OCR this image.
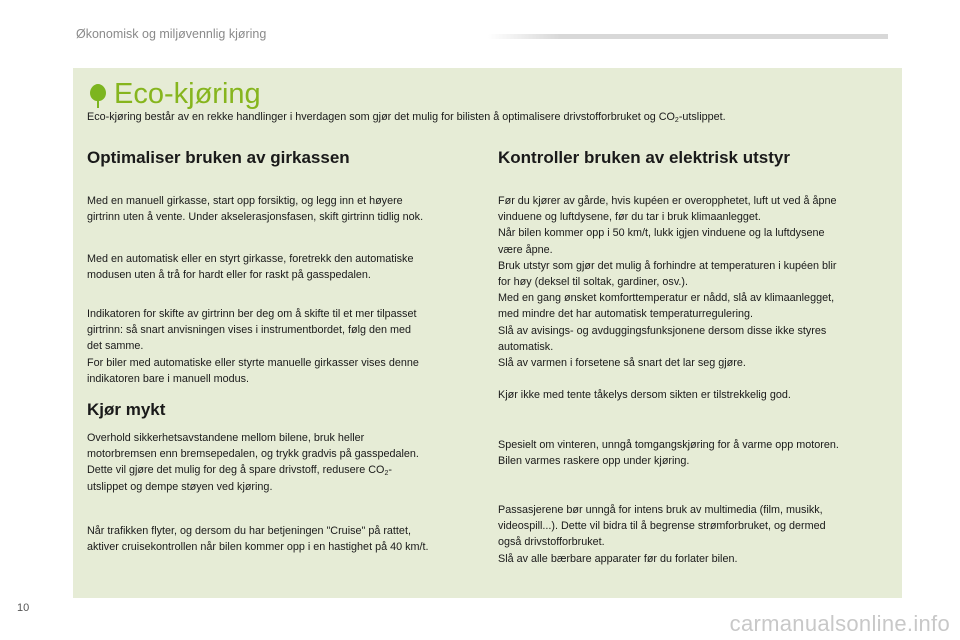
Økonomisk og miljøvennlig kjøring
Eco-kjøring
Eco-kjøring består av en rekke handlinger i hverdagen som gjør det mulig for bilisten å optimalisere drivstofforbruket og $CO_2$-utslippet.
Optimaliser bruken av girkassen
Med en manuell girkasse, start opp forsiktig, og legg inn et høyere
girtrinn uten å vente. Under akselerasjonsfasen, skift girtrinn tidlig nok.
Med en automatisk eller en styrt girkasse, foretrekk den automatiske
modusen uten å trå for hardt eller for raskt på gasspedalen.
Indikatoren for skifte av girtrinn ber deg om å skifte til et mer tilpasset
girtrinn: så snart anvisningen vises i instrumentbordet, følg den med
det samme.
For biler med automatiske eller styrte manuelle girkasser vises denne
indikatoren bare i manuell modus.
Kjør mykt
Overhold sikkerhetsavstandene mellom bilene, bruk heller
motorbremsen enn bremsepedalen, og trykk gradvis på gasspedalen.
Dette vil gjøre det mulig for deg å spare drivstoff, redusere $CO_2-$
utslippet og dempe støyen ved kjøring.
Når trafikken flyter, og dersom du har betjeningen "Cruise" på rattet,
aktiver cruisekontrollen når bilen kommer opp i en hastighet på 40 km/t.
Kontroller bruken av elektrisk utstyr
Før du kjører av gårde, hvis kupéen er overopphetet, luft ut ved å åpne
vinduene og luftdysene, før du tar i bruk klimaanlegget.
Når bilen kommer opp i 50 km/t, lukk igjen vinduene og la luftdysene
være åpne.
Bruk utstyr som gjør det mulig å forhindre at temperaturen i kupéen blir
for høy (deksel til soltak, gardiner, osv.).
Med en gang ønsket komforttemperatur er nådd, slå av klimaanlegget,
med mindre det har automatisk temperaturregulering.
Slå av avisings- og avduggingsfunksjonene dersom disse ikke styres
automatisk.
Slå av varmen i forsetene så snart det lar seg gjøre.
Kjør ikke med tente tåkelys dersom sikten er tilstrekkelig god.
Spesielt om vinteren, unngå tomgangskjøring for å varme opp motoren.
Bilen varmes raskere opp under kjøring.
Passasjerene bør unngå for intens bruk av multimedia (film, musikk,
videospill...). Dette vil bidra til å begrense strømforbruket, og dermed
også drivstofforbruket.
Slå av alle bærbare apparater før du forlater bilen.
10
carmanualsonline.info
